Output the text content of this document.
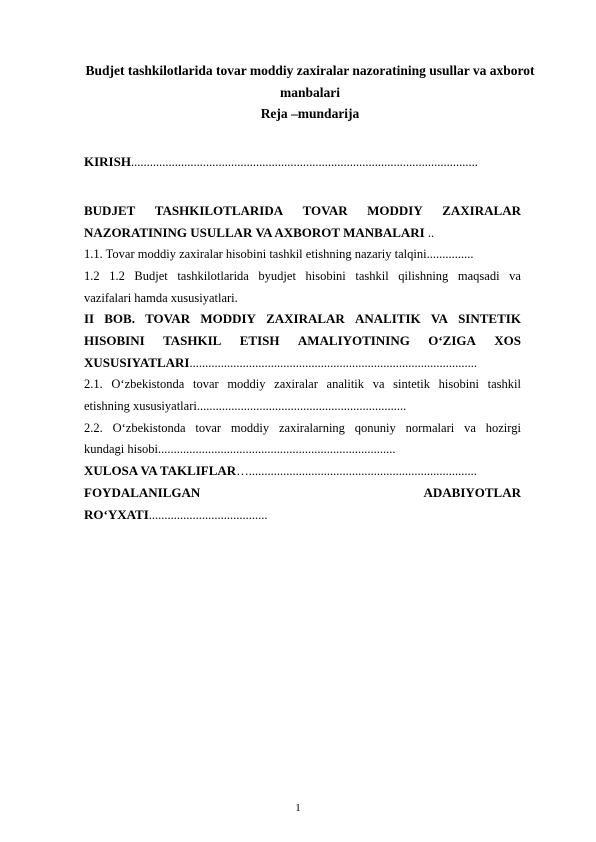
Budjet tashkilotlarida tovar moddiy zaxiralar nazoratining usullar va axborot
manbalari
Reja –mundarija
KIRISH...............................................................................................................
BUDJET TASHKILOTLARIDA TOVAR MODDIY ZAXIRALAR
NAZORATINING USULLAR VA AXBOROT MANBALARI ..
1.1. Tovar moddiy zaxiralar hisobini tashkil etishning nazariy talqini...............
1.2 1.2 Budjet tashkilotlarida byudjet hisobini tashkil qilishning maqsadi va
vazifalari hamda xususiyatlari.
II BOB. TOVAR MODDIY ZAXIRALAR ANALITIK VA SINTETIK
HISOBINI TASHKIL ETISH AMALIYOTINING O‘ZIGA XOS
XUSUSIYATLARI............................................................................................
2.1. O‘zbekistonda tovar moddiy zaxiralar analitik va sintetik hisobini tashkil
etishning xususiyatlari...................................................................
2.2. O‘zbekistonda tovar moddiy zaxiralarning qonuniy normalari va hozirgi
kundagi hisobi............................................................................
XULOSA VA TAKLIFLAR….........................................................................
FOYDALANILGAN	ADABIYOTLAR
RO‘YXATI......................................
1
